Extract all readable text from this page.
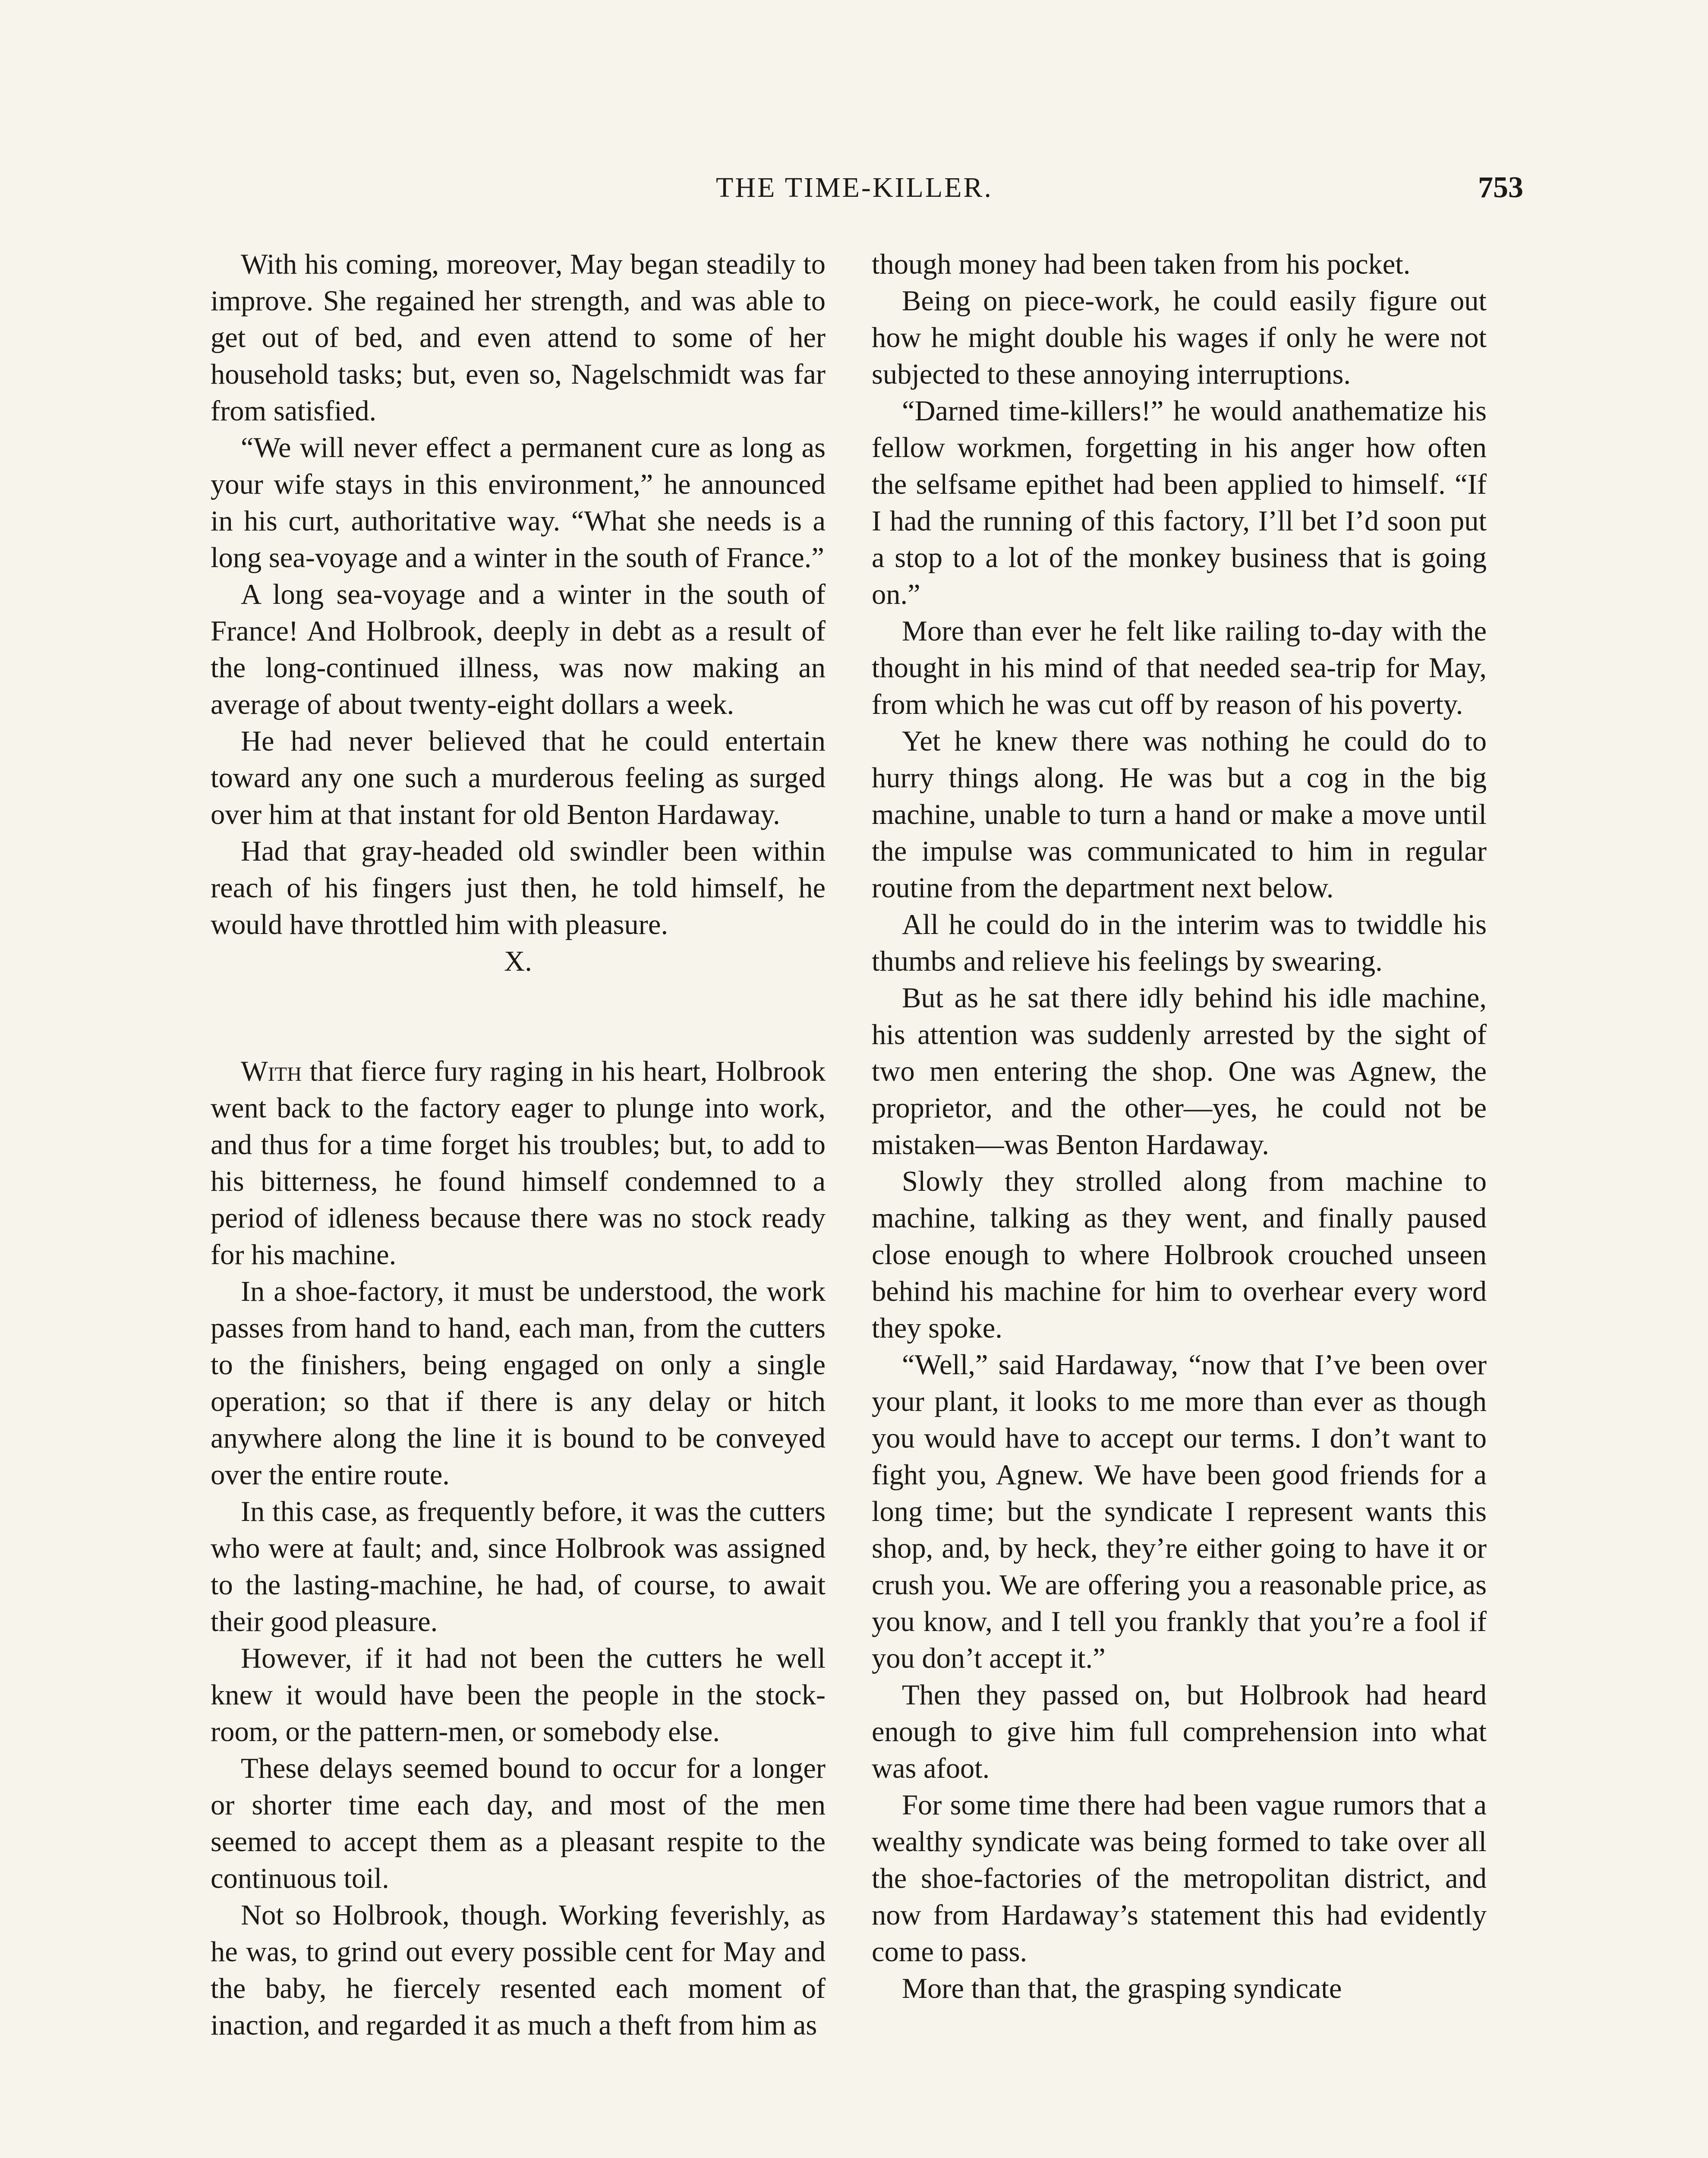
THE TIME-KILLER.	753

With his coming, moreover, May began steadily to improve. She regained her strength, and was able to get out of bed, and even attend to some of her household tasks; but, even so, Nagelschmidt was far from satisfied.

“We will never effect a permanent cure as long as your wife stays in this environment,” he announced in his curt, authoritative way. “What she needs is a long sea-voyage and a winter in the south of France.”

A long sea-voyage and a winter in the south of France! And Holbrook, deeply in debt as a result of the long-continued illness, was now making an average of about twenty-eight dollars a week.

He had never believed that he could entertain toward any one such a murderous feeling as surged over him at that instant for old Benton Hardaway.

Had that gray-headed old swindler been within reach of his fingers just then, he told himself, he would have throttled him with pleasure.

X.

With that fierce fury raging in his heart, Holbrook went back to the factory eager to plunge into work, and thus for a time forget his troubles; but, to add to his bitterness, he found himself condemned to a period of idleness because there was no stock ready for his machine.

In a shoe-factory, it must be understood, the work passes from hand to hand, each man, from the cutters to the finishers, being engaged on only a single operation; so that if there is any delay or hitch anywhere along the line it is bound to be conveyed over the entire route.

In this case, as frequently before, it was the cutters who were at fault; and, since Holbrook was assigned to the lasting-machine, he had, of course, to await their good pleasure.

However, if it had not been the cutters he well knew it would have been the people in the stock-room, or the pattern-men, or somebody else.

These delays seemed bound to occur for a longer or shorter time each day, and most of the men seemed to accept them as a pleasant respite to the continuous toil.

Not so Holbrook, though. Working feverishly, as he was, to grind out every possible cent for May and the baby, he fiercely resented each moment of inaction, and regarded it as much a theft from him as

though money had been taken from his pocket.

Being on piece-work, he could easily figure out how he might double his wages if only he were not subjected to these annoying interruptions.

“Darned time-killers!” he would anathematize his fellow workmen, forgetting in his anger how often the selfsame epithet had been applied to himself. “If I had the running of this factory, I’ll bet I’d soon put a stop to a lot of the monkey business that is going on.”

More than ever he felt like railing to-day with the thought in his mind of that needed sea-trip for May, from which he was cut off by reason of his poverty.

Yet he knew there was nothing he could do to hurry things along. He was but a cog in the big machine, unable to turn a hand or make a move until the impulse was communicated to him in regular routine from the department next below.

All he could do in the interim was to twiddle his thumbs and relieve his feelings by swearing.

But as he sat there idly behind his idle machine, his attention was suddenly arrested by the sight of two men entering the shop. One was Agnew, the proprietor, and the other—yes, he could not be mistaken—was Benton Hardaway.

Slowly they strolled along from machine to machine, talking as they went, and finally paused close enough to where Holbrook crouched unseen behind his machine for him to overhear every word they spoke.

“Well,” said Hardaway, “now that I’ve been over your plant, it looks to me more than ever as though you would have to accept our terms. I don’t want to fight you, Agnew. We have been good friends for a long time; but the syndicate I represent wants this shop, and, by heck, they’re either going to have it or crush you. We are offering you a reasonable price, as you know, and I tell you frankly that you’re a fool if you don’t accept it.”

Then they passed on, but Holbrook had heard enough to give him full comprehension into what was afoot.

For some time there had been vague rumors that a wealthy syndicate was being formed to take over all the shoe-factories of the metropolitan district, and now from Hardaway’s statement this had evidently come to pass.

More than that, the grasping syndicate
